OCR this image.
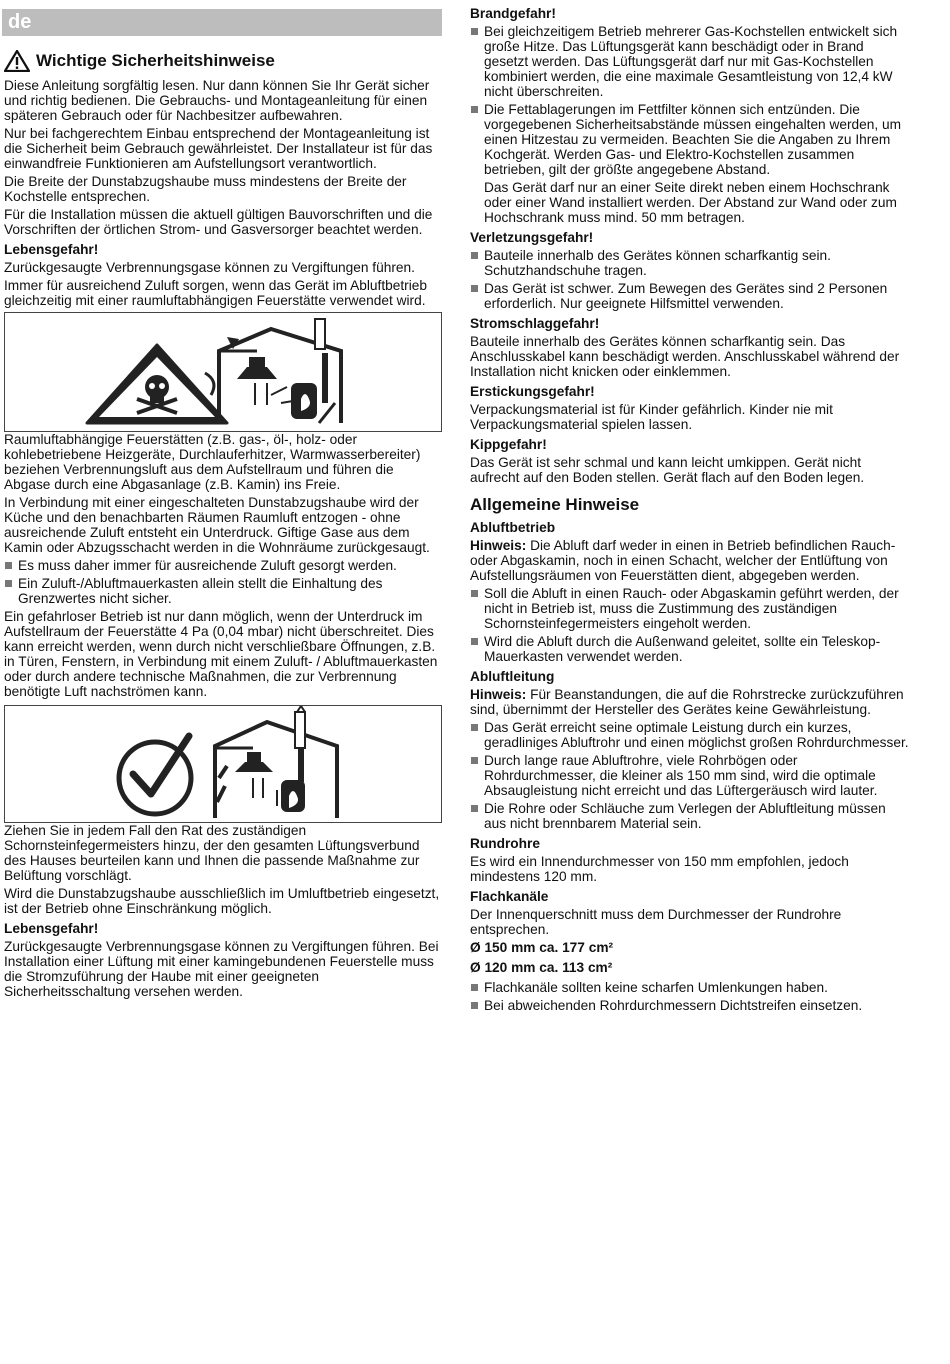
de
Wichtige Sicherheitshinweise

Diese Anleitung sorgfältig lesen. Nur dann können Sie Ihr Gerät sicher und richtig bedienen. Die Gebrauchs- und Montageanleitung für einen späteren Gebrauch oder für Nachbesitzer aufbewahren.

Nur bei fachgerechtem Einbau entsprechend der Montageanleitung ist die Sicherheit beim Gebrauch gewährleistet. Der Installateur ist für das einwandfreie Funktionieren am Aufstellungsort verantwortlich.

Die Breite der Dunstabzugshaube muss mindestens der Breite der Kochstelle entsprechen.

Für die Installation müssen die aktuell gültigen Bauvorschriften und die Vorschriften der örtlichen Strom- und Gasversorger beachtet werden.

Lebensgefahr!

Zurückgesaugte Verbrennungsgase können zu Vergiftungen führen.

Immer für ausreichend Zuluft sorgen, wenn das Gerät im Abluftbetrieb gleichzeitig mit einer raumluftabhängigen Feuerstätte verwendet wird.

Raumluftabhängige Feuerstätten (z.B. gas-, öl-, holz- oder kohlebetriebene Heizgeräte, Durchlauferhitzer, Warmwasserbereiter) beziehen Verbrennungsluft aus dem Aufstellraum und führen die Abgase durch eine Abgasanlage (z.B. Kamin) ins Freie.

In Verbindung mit einer eingeschalteten Dunstabzugshaube wird der Küche und den benachbarten Räumen Raumluft entzogen - ohne ausreichende Zuluft entsteht ein Unterdruck. Giftige Gase aus dem Kamin oder Abzugsschacht werden in die Wohnräume zurückgesaugt.

Es muss daher immer für ausreichende Zuluft gesorgt werden.
Ein Zuluft-/Abluftmauerkasten allein stellt die Einhaltung des Grenzwertes nicht sicher.

Ein gefahrloser Betrieb ist nur dann möglich, wenn der Unterdruck im Aufstellraum der Feuerstätte 4 Pa (0,04 mbar) nicht überschreitet. Dies kann erreicht werden, wenn durch nicht verschließbare Öffnungen, z.B. in Türen, Fenstern, in Verbindung mit einem Zuluft- / Abluftmauerkasten oder durch andere technische Maßnahmen, die zur Verbrennung benötigte Luft nachströmen kann.

Ziehen Sie in jedem Fall den Rat des zuständigen Schornsteinfegermeisters hinzu, der den gesamten Lüftungsverbund des Hauses beurteilen kann und Ihnen die passende Maßnahme zur Belüftung vorschlägt.

Wird die Dunstabzugshaube ausschließlich im Umluftbetrieb eingesetzt, ist der Betrieb ohne Einschränkung möglich.

Lebensgefahr!

Zurückgesaugte Verbrennungsgase können zu Vergiftungen führen. Bei Installation einer Lüftung mit einer kamingebundenen Feuerstelle muss die Stromzuführung der Haube mit einer geeigneten Sicherheitsschaltung versehen werden.

Brandgefahr!
Bei gleichzeitigem Betrieb mehrerer Gas-Kochstellen entwickelt sich große Hitze. Das Lüftungsgerät kann beschädigt oder in Brand gesetzt werden. Das Lüftungsgerät darf nur mit Gas-Kochstellen kombiniert werden, die eine maximale Gesamtleistung von 12,4 kW nicht überschreiten.
Die Fettablagerungen im Fettfilter können sich entzünden. Die vorgegebenen Sicherheitsabstände müssen eingehalten werden, um einen Hitzestau zu vermeiden. Beachten Sie die Angaben zu Ihrem Kochgerät. Werden Gas- und Elektro-Kochstellen zusammen betrieben, gilt der größte angegebene Abstand.

Das Gerät darf nur an einer Seite direkt neben einem Hochschrank oder einer Wand installiert werden. Der Abstand zur Wand oder zum Hochschrank muss mind. 50 mm betragen.

Verletzungsgefahr!
Bauteile innerhalb des Gerätes können scharfkantig sein. Schutzhandschuhe tragen.
Das Gerät ist schwer. Zum Bewegen des Gerätes sind 2 Personen erforderlich. Nur geeignete Hilfsmittel verwenden.
Stromschlaggefahr!

Bauteile innerhalb des Gerätes können scharfkantig sein. Das Anschlusskabel kann beschädigt werden. Anschlusskabel während der Installation nicht knicken oder einklemmen.

Erstickungsgefahr!

Verpackungsmaterial ist für Kinder gefährlich. Kinder nie mit Verpackungsmaterial spielen lassen.

Kippgefahr!

Das Gerät ist sehr schmal und kann leicht umkippen. Gerät nicht aufrecht auf den Boden stellen. Gerät flach auf den Boden legen.

Allgemeine Hinweise
Abluftbetrieb

Hinweis: Die Abluft darf weder in einen in Betrieb befindlichen Rauch- oder Abgaskamin, noch in einen Schacht, welcher der Entlüftung von Aufstellungsräumen von Feuerstätten dient, abgegeben werden.

Soll die Abluft in einen Rauch- oder Abgaskamin geführt werden, der nicht in Betrieb ist, muss die Zustimmung des zuständigen Schornsteinfegermeisters eingeholt werden.
Wird die Abluft durch die Außenwand geleitet, sollte ein Teleskop-Mauerkasten verwendet werden.
Abluftleitung

Hinweis: Für Beanstandungen, die auf die Rohrstrecke zurückzuführen sind, übernimmt der Hersteller des Gerätes keine Gewährleistung.

Das Gerät erreicht seine optimale Leistung durch ein kurzes, geradliniges Abluftrohr und einen möglichst großen Rohrdurchmesser.
Durch lange raue Abluftrohre, viele Rohrbögen oder Rohrdurchmesser, die kleiner als 150 mm sind, wird die optimale Absaugleistung nicht erreicht und das Lüftergeräusch wird lauter.
Die Rohre oder Schläuche zum Verlegen der Abluftleitung müssen aus nicht brennbarem Material sein.
Rundrohre

Es wird ein Innendurchmesser von 150 mm empfohlen, jedoch mindestens 120 mm.

Flachkanäle

Der Innenquerschnitt muss dem Durchmesser der Rundrohre entsprechen.

Ø 150 mm ca. 177 cm²
Ø 120 mm ca. 113 cm²
Flachkanäle sollten keine scharfen Umlenkungen haben.
Bei abweichenden Rohrdurchmessern Dichtstreifen einsetzen.
